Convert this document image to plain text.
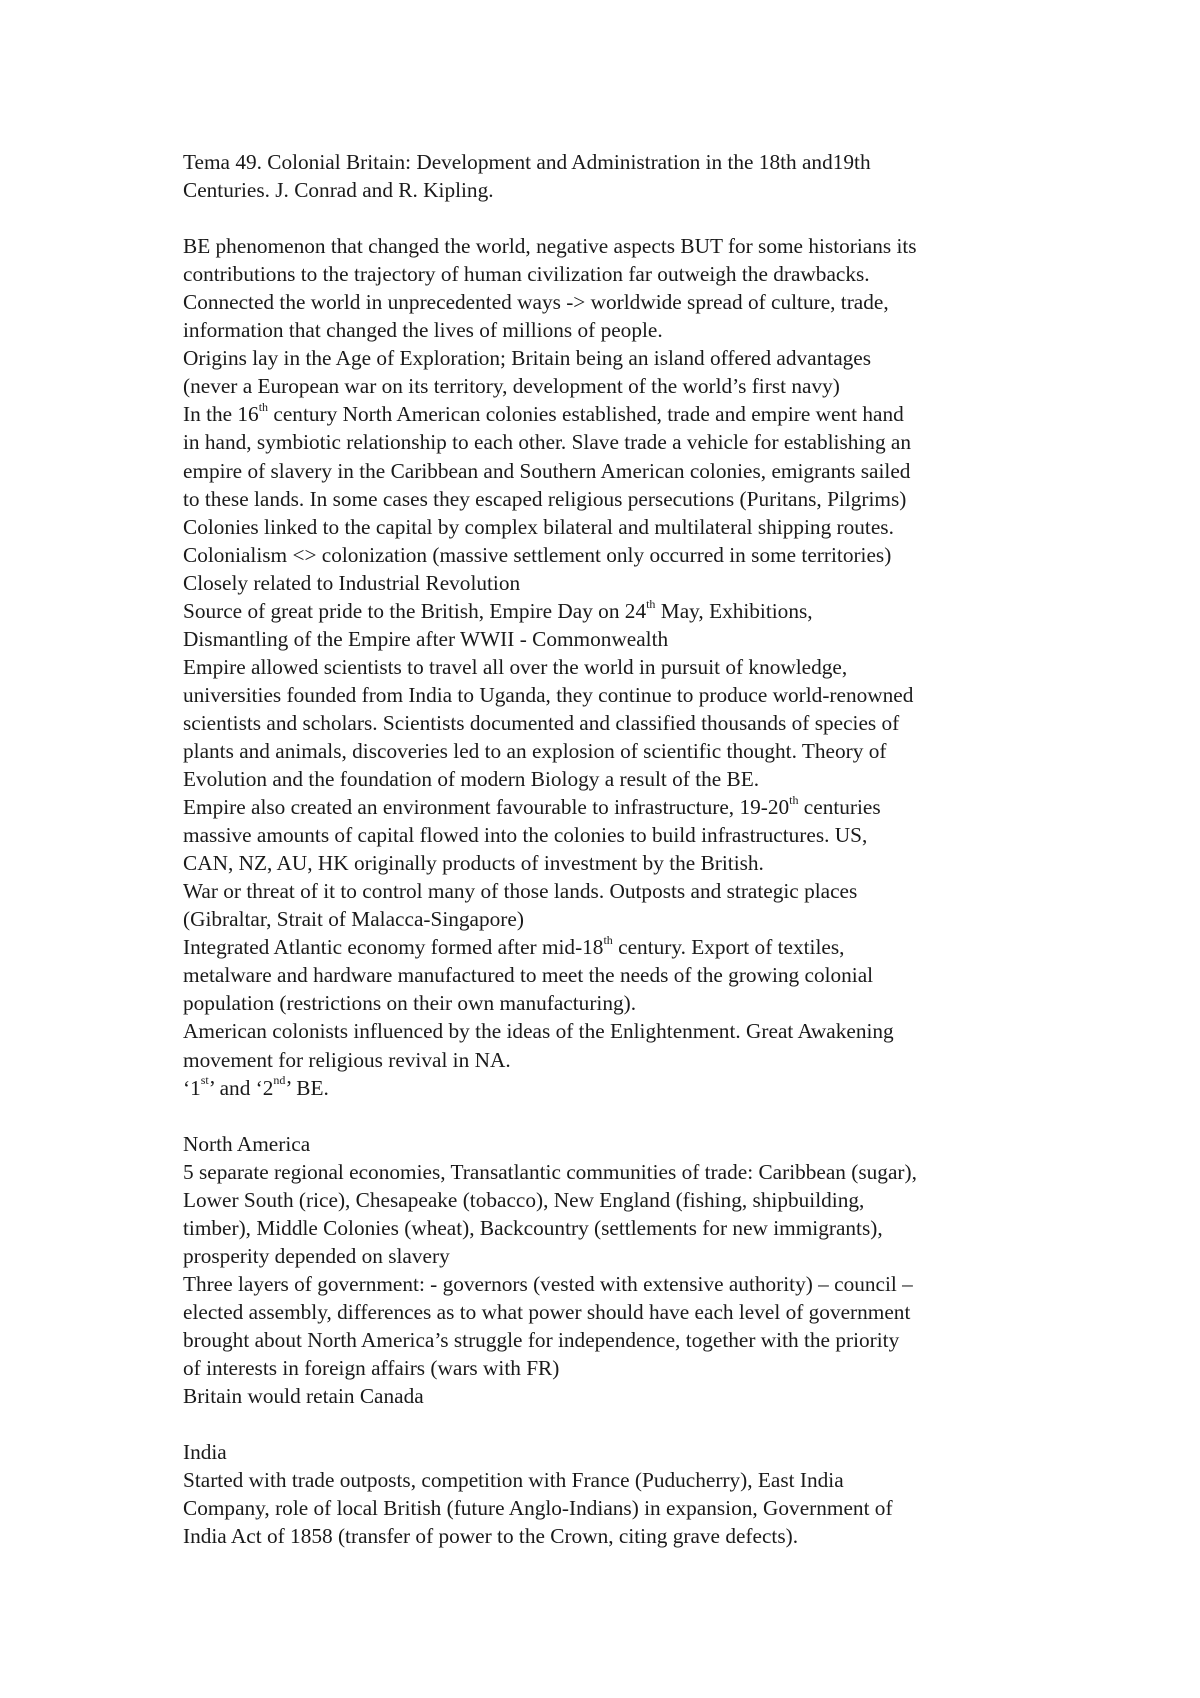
Tema 49. Colonial Britain: Development and Administration in the 18th and19th
Centuries. J. Conrad and R. Kipling.
BE phenomenon that changed the world, negative aspects BUT for some historians its
contributions to the trajectory of human civilization far outweigh the drawbacks.
Connected the world in unprecedented ways -> worldwide spread of culture, trade,
information that changed the lives of millions of people.
Origins lay in the Age of Exploration; Britain being an island offered advantages
(never a European war on its territory, development of the world’s first navy)
In the 16th century North American colonies established, trade and empire went hand
in hand, symbiotic relationship to each other. Slave trade a vehicle for establishing an
empire of slavery in the Caribbean and Southern American colonies, emigrants sailed
to these lands. In some cases they escaped religious persecutions (Puritans, Pilgrims)
Colonies linked to the capital by complex bilateral and multilateral shipping routes.
Colonialism <> colonization (massive settlement only occurred in some territories)
Closely related to Industrial Revolution
Source of great pride to the British, Empire Day on 24th May, Exhibitions,
Dismantling of the Empire after WWII - Commonwealth
Empire allowed scientists to travel all over the world in pursuit of knowledge,
universities founded from India to Uganda, they continue to produce world-renowned
scientists and scholars. Scientists documented and classified thousands of species of
plants and animals, discoveries led to an explosion of scientific thought. Theory of
Evolution and the foundation of modern Biology a result of the BE.
Empire also created an environment favourable to infrastructure, 19-20th centuries
massive amounts of capital flowed into the colonies to build infrastructures. US,
CAN, NZ, AU, HK originally products of investment by the British.
War or threat of it to control many of those lands. Outposts and strategic places
(Gibraltar, Strait of Malacca-Singapore)
Integrated Atlantic economy formed after mid-18th century. Export of textiles,
metalware and hardware manufactured to meet the needs of the growing colonial
population (restrictions on their own manufacturing).
American colonists influenced by the ideas of the Enlightenment. Great Awakening
movement for religious revival in NA.
‘1st’ and ‘2nd’ BE.
North America
5 separate regional economies, Transatlantic communities of trade: Caribbean (sugar),
Lower South (rice), Chesapeake (tobacco), New England (fishing, shipbuilding,
timber), Middle Colonies (wheat), Backcountry (settlements for new immigrants),
prosperity depended on slavery
Three layers of government: - governors (vested with extensive authority) – council –
elected assembly, differences as to what power should have each level of government
brought about North America’s struggle for independence, together with the priority
of interests in foreign affairs (wars with FR)
Britain would retain Canada
India
Started with trade outposts, competition with France (Puducherry), East India
Company, role of local British (future Anglo-Indians) in expansion, Government of
India Act of 1858 (transfer of power to the Crown, citing grave defects).
